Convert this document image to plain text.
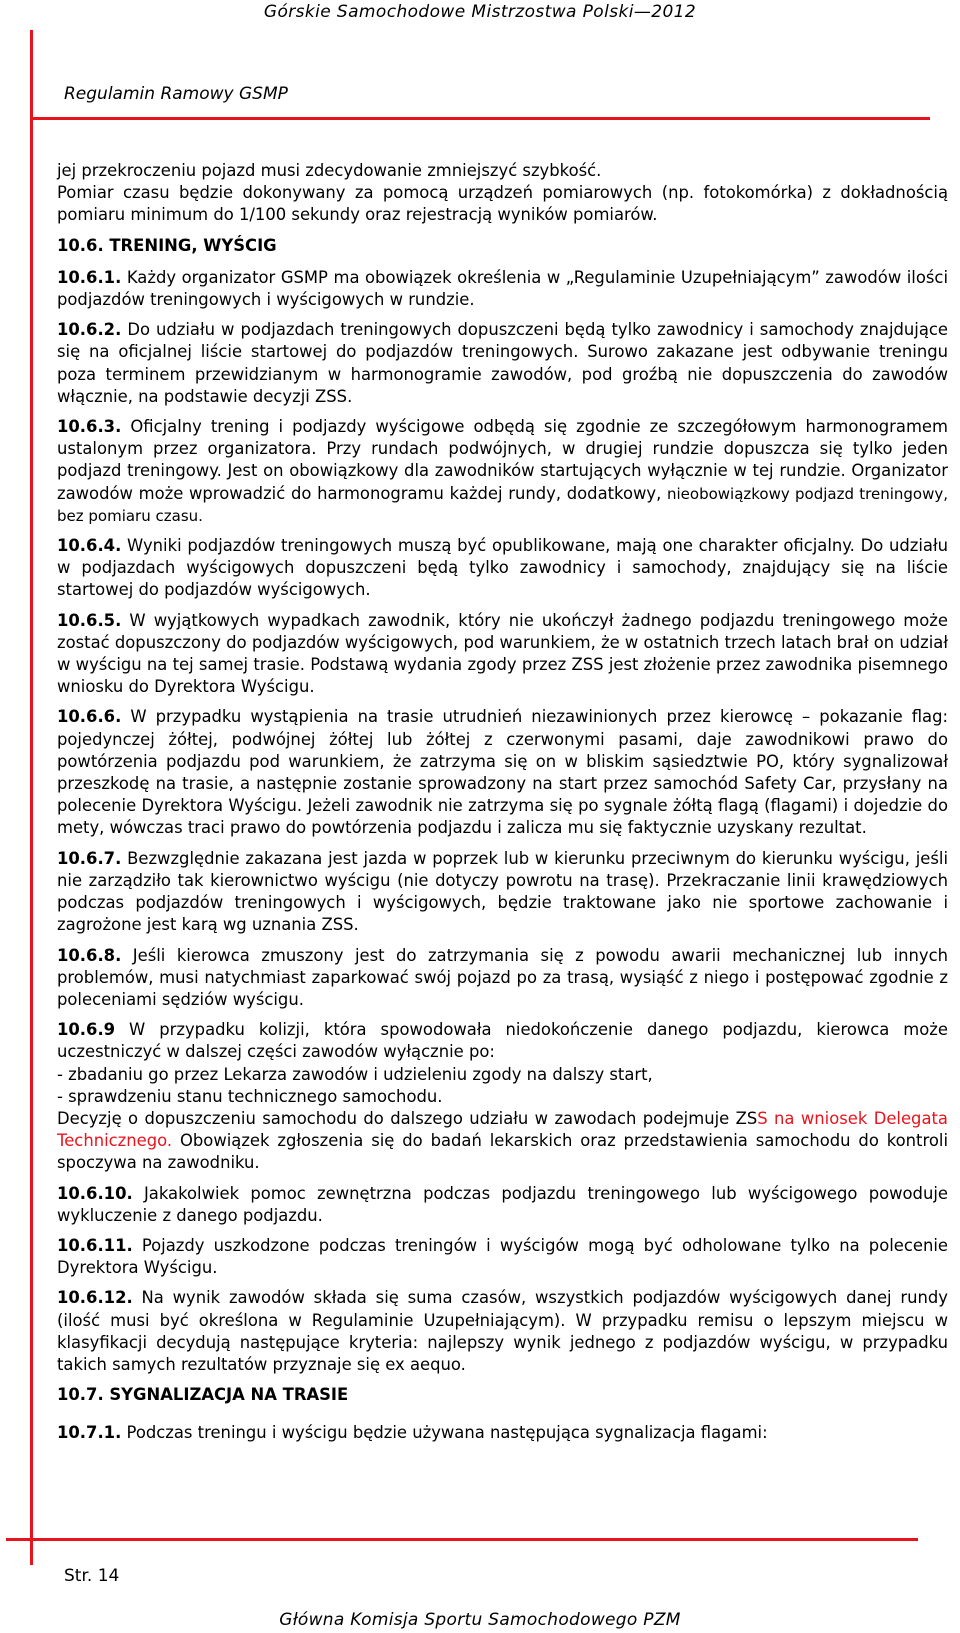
Górskie Samochodowe Mistrzostwa Polski—2012
Regulamin Ramowy GSMP

jej przekroczeniu pojazd musi zdecydowanie zmniejszyć szybkość.

Pomiar czasu będzie dokonywany za pomocą urządzeń pomiarowych (np. fotokomórka) z dokładnością pomiaru minimum do 1/100 sekundy oraz rejestracją wyników pomiarów.

10.6. TRENING, WYŚCIG

10.6.1. Każdy organizator GSMP ma obowiązek określenia w „Regulaminie Uzupełniającym” zawodów ilości podjazdów treningowych i wyścigowych w rundzie.

10.6.2. Do udziału w podjazdach treningowych dopuszczeni będą tylko zawodnicy i samochody znajdujące się na oficjalnej liście startowej do podjazdów treningowych. Surowo zakazane jest odbywanie treningu poza terminem przewidzianym w harmonogramie zawodów, pod groźbą nie dopuszczenia do zawodów włącznie, na podstawie decyzji ZSS.

10.6.3. Oficjalny trening i podjazdy wyścigowe odbędą się zgodnie ze szczegółowym harmonogramem ustalonym przez organizatora. Przy rundach podwójnych, w drugiej rundzie dopuszcza się tylko jeden podjazd treningowy. Jest on obowiązkowy dla zawodników startujących wyłącznie w tej rundzie. Organizator zawodów może wprowadzić do harmonogramu każdej rundy, dodatkowy, nieobowiązkowy podjazd treningowy, bez pomiaru czasu.

10.6.4. Wyniki podjazdów treningowych muszą być opublikowane, mają one charakter oficjalny. Do udziału w podjazdach wyścigowych dopuszczeni będą tylko zawodnicy i samochody, znajdujący się na liście startowej do podjazdów wyścigowych.

10.6.5. W wyjątkowych wypadkach zawodnik, który nie ukończył żadnego podjazdu treningowego może zostać dopuszczony do podjazdów wyścigowych, pod warunkiem, że w ostatnich trzech latach brał on udział w wyścigu na tej samej trasie. Podstawą wydania zgody przez ZSS jest złożenie przez zawodnika pisemnego wniosku do Dyrektora Wyścigu.

10.6.6. W przypadku wystąpienia na trasie utrudnień niezawinionych przez kierowcę – pokazanie flag: pojedynczej żółtej, podwójnej żółtej lub żółtej z czerwonymi pasami, daje zawodnikowi prawo do powtórzenia podjazdu pod warunkiem, że zatrzyma się on w bliskim sąsiedztwie PO, który sygnalizował przeszkodę na trasie, a następnie zostanie sprowadzony na start przez samochód Safety Car, przysłany na polecenie Dyrektora Wyścigu. Jeżeli zawodnik nie zatrzyma się po sygnale żółtą flagą (flagami) i dojedzie do mety, wówczas traci prawo do powtórzenia podjazdu i zalicza mu się faktycznie uzyskany rezultat.

10.6.7. Bezwzględnie zakazana jest jazda w poprzek lub w kierunku przeciwnym do kierunku wyścigu, jeśli nie zarządziło tak kierownictwo wyścigu (nie dotyczy powrotu na trasę). Przekraczanie linii krawędziowych podczas podjazdów treningowych i wyścigowych, będzie traktowane jako nie sportowe zachowanie i zagrożone jest karą wg uznania ZSS.

10.6.8. Jeśli kierowca zmuszony jest do zatrzymania się z powodu awarii mechanicznej lub innych problemów, musi natychmiast zaparkować swój pojazd po za trasą, wysiąść z niego i postępować zgodnie z poleceniami sędziów wyścigu.

10.6.9 W przypadku kolizji, która spowodowała niedokończenie danego podjazdu, kierowca może uczestniczyć w dalszej części zawodów wyłącznie po:

- zbadaniu go przez Lekarza zawodów i udzieleniu zgody na dalszy start,

- sprawdzeniu stanu technicznego samochodu.

Decyzję o dopuszczeniu samochodu do dalszego udziału w zawodach podejmuje ZSS na wniosek Delegata Technicznego. Obowiązek zgłoszenia się do badań lekarskich oraz przedstawienia samochodu do kontroli spoczywa na zawodniku.

10.6.10. Jakakolwiek pomoc zewnętrzna podczas podjazdu treningowego lub wyścigowego powoduje wykluczenie z danego podjazdu.

10.6.11. Pojazdy uszkodzone podczas treningów i wyścigów mogą być odholowane tylko na polecenie Dyrektora Wyścigu.

10.6.12. Na wynik zawodów składa się suma czasów, wszystkich podjazdów wyścigowych danej rundy (ilość musi być określona w Regulaminie Uzupełniającym). W przypadku remisu o lepszym miejscu w klasyfikacji decydują następujące kryteria: najlepszy wynik jednego z podjazdów wyścigu, w przypadku takich samych rezultatów przyznaje się ex aequo.

10.7. SYGNALIZACJA NA TRASIE

10.7.1. Podczas treningu i wyścigu będzie używana następująca sygnalizacja flagami:

Str. 14
Główna Komisja Sportu Samochodowego PZM
